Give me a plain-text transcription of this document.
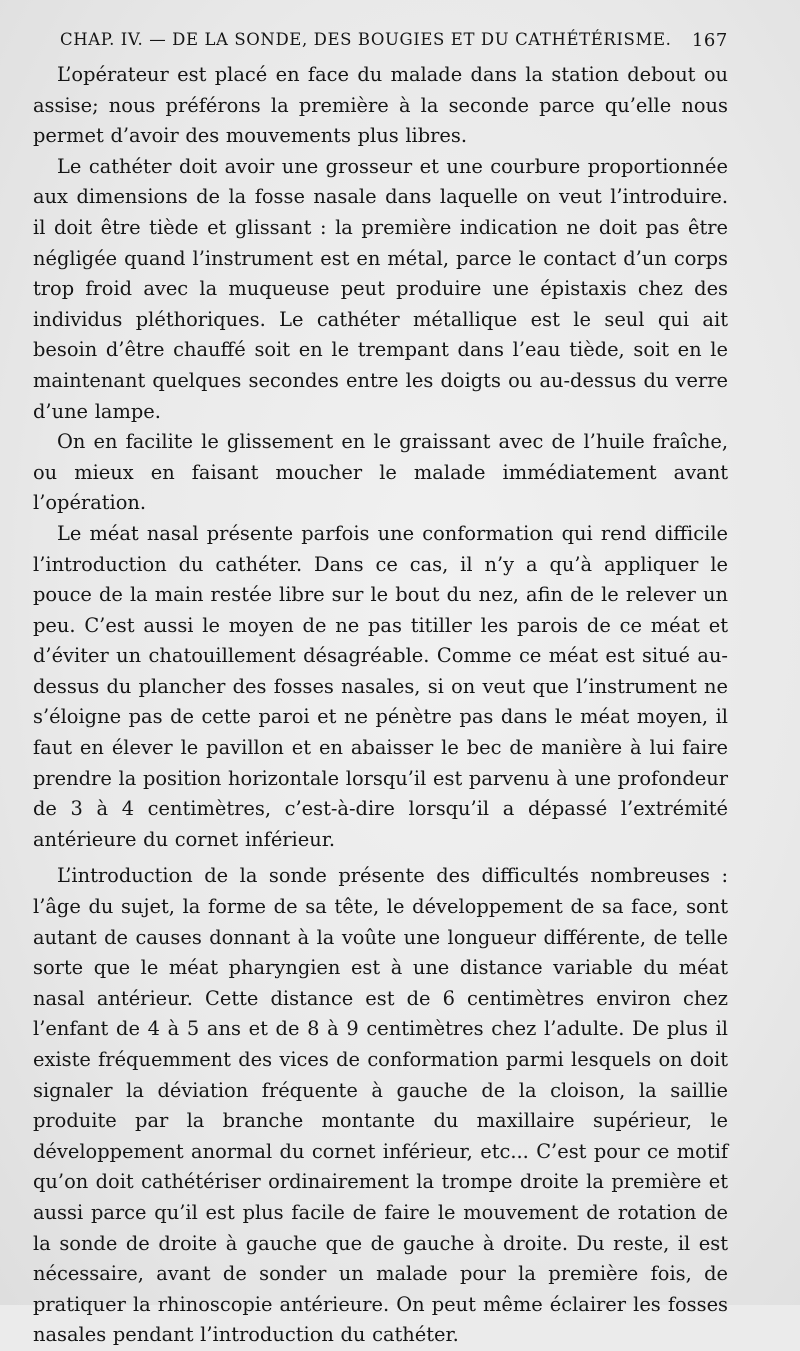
CHAP. IV. — DE LA SONDE, DES BOUGIES ET DU CATHÉTÉRISME. 167

L’opérateur est placé en face du malade dans la station debout ou assise; nous préférons la première à la seconde parce qu’elle nous permet d’avoir des mouvements plus libres.

Le cathéter doit avoir une grosseur et une courbure proportionnée aux dimensions de la fosse nasale dans laquelle on veut l’introduire. il doit être tiède et glissant : la première indication ne doit pas être négligée quand l’instrument est en métal, parce le contact d’un corps trop froid avec la muqueuse peut produire une épistaxis chez des individus pléthoriques. Le cathéter métallique est le seul qui ait besoin d’être chauffé soit en le trempant dans l’eau tiède, soit en le maintenant quelques secondes entre les doigts ou au-dessus du verre d’une lampe.

On en facilite le glissement en le graissant avec de l’huile fraîche, ou mieux en faisant moucher le malade immédiatement avant l’opération.

Le méat nasal présente parfois une conformation qui rend difficile l’introduction du cathéter. Dans ce cas, il n’y a qu’à appliquer le pouce de la main restée libre sur le bout du nez, afin de le relever un peu. C’est aussi le moyen de ne pas titiller les parois de ce méat et d’éviter un chatouillement désagréable. Comme ce méat est situé au-dessus du plancher des fosses nasales, si on veut que l’instrument ne s’éloigne pas de cette paroi et ne pénètre pas dans le méat moyen, il faut en élever le pavillon et en abaisser le bec de manière à lui faire prendre la position horizontale lorsqu’il est parvenu à une profondeur de 3 à 4 centimètres, c’est-à-dire lorsqu’il a dépassé l’extrémité antérieure du cornet inférieur.

L’introduction de la sonde présente des difficultés nombreuses : l’âge du sujet, la forme de sa tête, le développement de sa face, sont autant de causes donnant à la voûte une longueur différente, de telle sorte que le méat pharyngien est à une distance variable du méat nasal antérieur. Cette distance est de 6 centimètres environ chez l’enfant de 4 à 5 ans et de 8 à 9 centimètres chez l’adulte. De plus il existe fréquemment des vices de conformation parmi lesquels on doit signaler la déviation fréquente à gauche de la cloison, la saillie produite par la branche montante du maxillaire supérieur, le développement anormal du cornet inférieur, etc... C’est pour ce motif qu’on doit cathétériser ordinairement la trompe droite la première et aussi parce qu’il est plus facile de faire le mouvement de rotation de la sonde de droite à gauche que de gauche à droite. Du reste, il est nécessaire, avant de sonder un malade pour la première fois, de pratiquer la rhinoscopie antérieure. On peut même éclairer les fosses nasales pendant l’introduction du cathéter.
